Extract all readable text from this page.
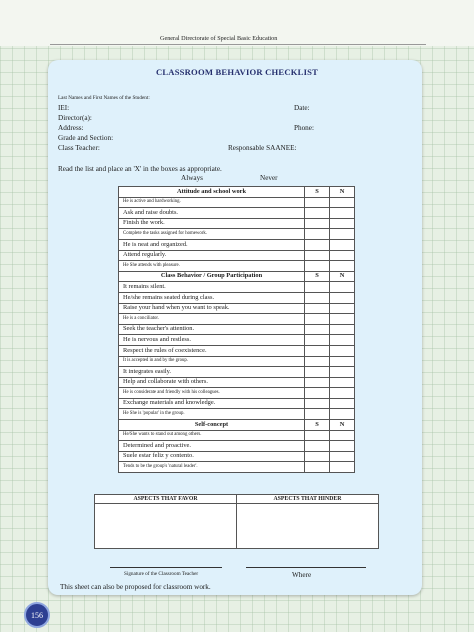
General Directorate of Special Basic Education
CLASSROOM BEHAVIOR CHECKLIST
Last Names and First Names of the Student:
IEI:	Date:
Director(a):
Address:	Phone:
Grade and Section:
Class Teacher:	Responsable SAANEE:
Read the list and place an 'X' in the boxes as appropriate.
Always	Never
Attitude and school work	S	N
He is active and hardworking.		
Ask and raise doubts.		
Finish the work.		
Complete the tasks assigned for homework.		
He is neat and organized.		
Attend regularly.		
He She attends with pleasure.		
Class Behavior / Group Participation	S	N
It remains silent.		
He/she remains seated during class.		
Raise your hand when you want to speak.		
He is a conciliator.		
Seek the teacher's attention.		
He is nervous and restless.		
Respect the rules of coexistence.		
It is accepted in and by the group.		
It integrates easily.		
Help and collaborate with others.		
He is considerate and friendly with his colleagues.		
Exchange materials and knowledge.		
He She is 'popular' in the group.		
Self-concept	S	N
He/She wants to stand out among others.		
Determined and proactive.		
Suele estar feliz y contento.		
Tends to be the group's 'natural leader'.		
ASPECTS THAT FAVOR	ASPECTS THAT HINDER

Signature of the Classroom Teacher	Where
This sheet can also be proposed for classroom work.
156
